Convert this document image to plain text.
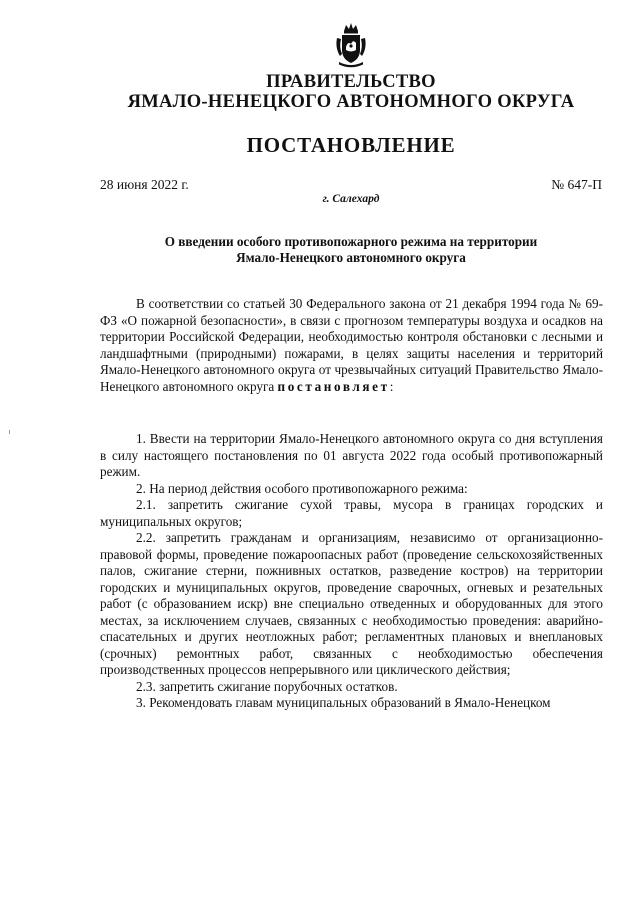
ПРАВИТЕЛЬСТВО
ЯМАЛО-НЕНЕЦКОГО АВТОНОМНОГО ОКРУГА
ПОСТАНОВЛЕНИЕ
28 июня 2022 г.	№ 647-П
г. Салехард
О введении особого противопожарного режима на территории
Ямало-Ненецкого автономного округа

В соответствии со статьей 30 Федерального закона от 21 декабря 1994 года № 69-ФЗ «О пожарной безопасности», в связи с прогнозом температуры воздуха и осадков на территории Российской Федерации, необходимостью контроля обстановки с лесными и ландшафтными (природными) пожарами, в целях защиты населения и территорий Ямало-Ненецкого автономного округа от чрезвычайных ситуаций Правительство Ямало-Ненецкого автономного округа постановляет:

1. Ввести на территории Ямало-Ненецкого автономного округа со дня вступления в силу настоящего постановления по 01 августа 2022 года особый противопожарный режим.

2. На период действия особого противопожарного режима:

2.1. запретить сжигание сухой травы, мусора в границах городских и муниципальных округов;

2.2. запретить гражданам и организациям, независимо от организационно-правовой формы, проведение пожароопасных работ (проведение сельскохозяйственных палов, сжигание стерни, пожнивных остатков, разведение костров) на территории городских и муниципальных округов, проведение сварочных, огневых и резательных работ (с образованием искр) вне специально отведенных и оборудованных для этого местах, за исключением случаев, связанных с необходимостью проведения: аварийно-спасательных и других неотложных работ; регламентных плановых и внеплановых (срочных) ремонтных работ, связанных с необходимостью обеспечения производственных процессов непрерывного или циклического действия;

2.3. запретить сжигание порубочных остатков.

3. Рекомендовать главам муниципальных образований в Ямало-Ненецком
